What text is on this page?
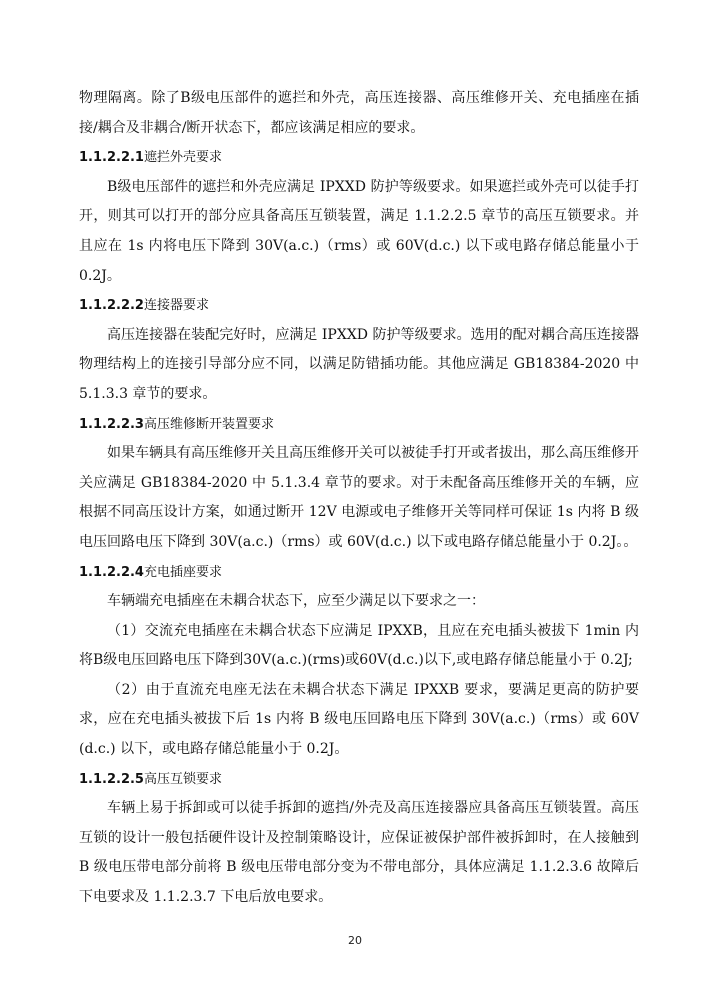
物理隔离。除了B级电压部件的遮拦和外壳，高压连接器、高压维修开关、充电插座在插接/耦合及非耦合/断开状态下，都应该满足相应的要求。

1.1.2.2.1遮拦外壳要求

B级电压部件的遮拦和外壳应满足 IPXXD 防护等级要求。如果遮拦或外壳可以徒手打开，则其可以打开的部分应具备高压互锁装置，满足 1.1.2.2.5 章节的高压互锁要求。并且应在 1s 内将电压下降到 30V(a.c.)（rms）或 60V(d.c.) 以下或电路存储总能量小于 0.2J。

1.1.2.2.2连接器要求

高压连接器在装配完好时，应满足 IPXXD 防护等级要求。选用的配对耦合高压连接器物理结构上的连接引导部分应不同，以满足防错插功能。其他应满足 GB18384-2020 中 5.1.3.3 章节的要求。

1.1.2.2.3高压维修断开装置要求

如果车辆具有高压维修开关且高压维修开关可以被徒手打开或者拔出，那么高压维修开关应满足 GB18384-2020 中 5.1.3.4 章节的要求。对于未配备高压维修开关的车辆，应根据不同高压设计方案，如通过断开 12V 电源或电子维修开关等同样可保证 1s 内将 B 级电压回路电压下降到 30V(a.c.)（rms）或 60V(d.c.) 以下或电路存储总能量小于 0.2J。。

1.1.2.2.4充电插座要求

车辆端充电插座在未耦合状态下，应至少满足以下要求之一：

（1）交流充电插座在未耦合状态下应满足 IPXXB，且应在充电插头被拔下 1min 内将B级电压回路电压下降到30V(a.c.)(rms)或60V(d.c.)以下,或电路存储总能量小于 0.2J;

（2）由于直流充电座无法在未耦合状态下满足 IPXXB 要求，要满足更高的防护要求，应在充电插头被拔下后 1s 内将 B 级电压回路电压下降到 30V(a.c.)（rms）或 60V(d.c.) 以下，或电路存储总能量小于 0.2J。

1.1.2.2.5高压互锁要求

车辆上易于拆卸或可以徒手拆卸的遮挡/外壳及高压连接器应具备高压互锁装置。高压互锁的设计一般包括硬件设计及控制策略设计，应保证被保护部件被拆卸时，在人接触到 B 级电压带电部分前将 B 级电压带电部分变为不带电部分，具体应满足 1.1.2.3.6 故障后下电要求及 1.1.2.3.7 下电后放电要求。

20
